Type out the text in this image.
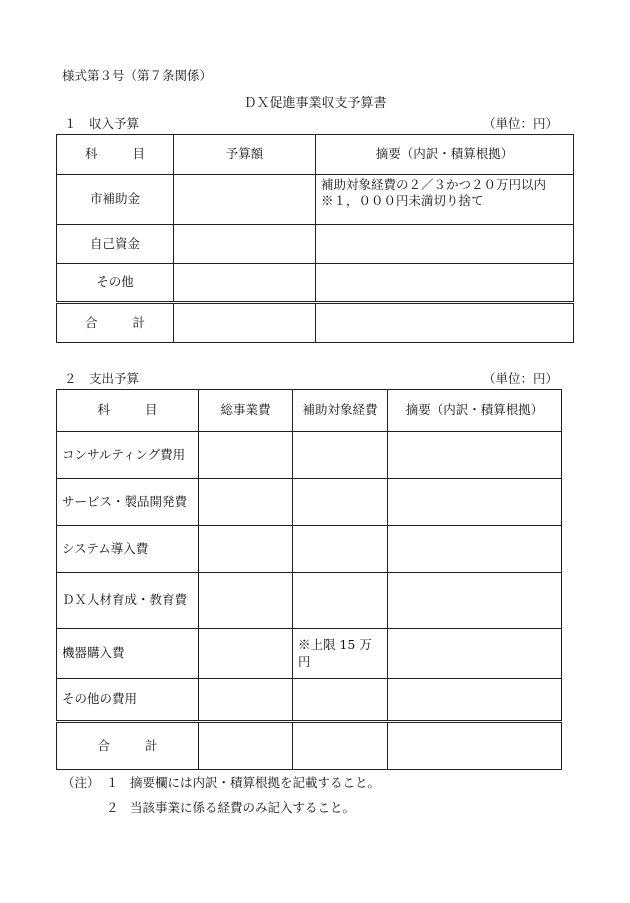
様式第３号（第７条関係）
ＤＸ促進事業収支予算書
１　収入予算	（単位：円）
科　目	予算額	摘要（内訳・積算根拠）
市補助金		補助対象経費の２／３かつ２０万円以内
※１，０００円未満切り捨て

自己資金		
その他		
合　計		
２　支出予算	（単位：円）
科　目	総事業費	補助対象経費	摘要（内訳・積算根拠）
コンサルティング費用			
サービス・製品開発費			
システム導入費			
ＤＸ人材育成・教育費			
機器購入費		※上限 15 万円	
その他の費用			
合　計			
（注） １ 摘要欄には内訳・積算根拠を記載すること。
２ 当該事業に係る経費のみ記入すること。
